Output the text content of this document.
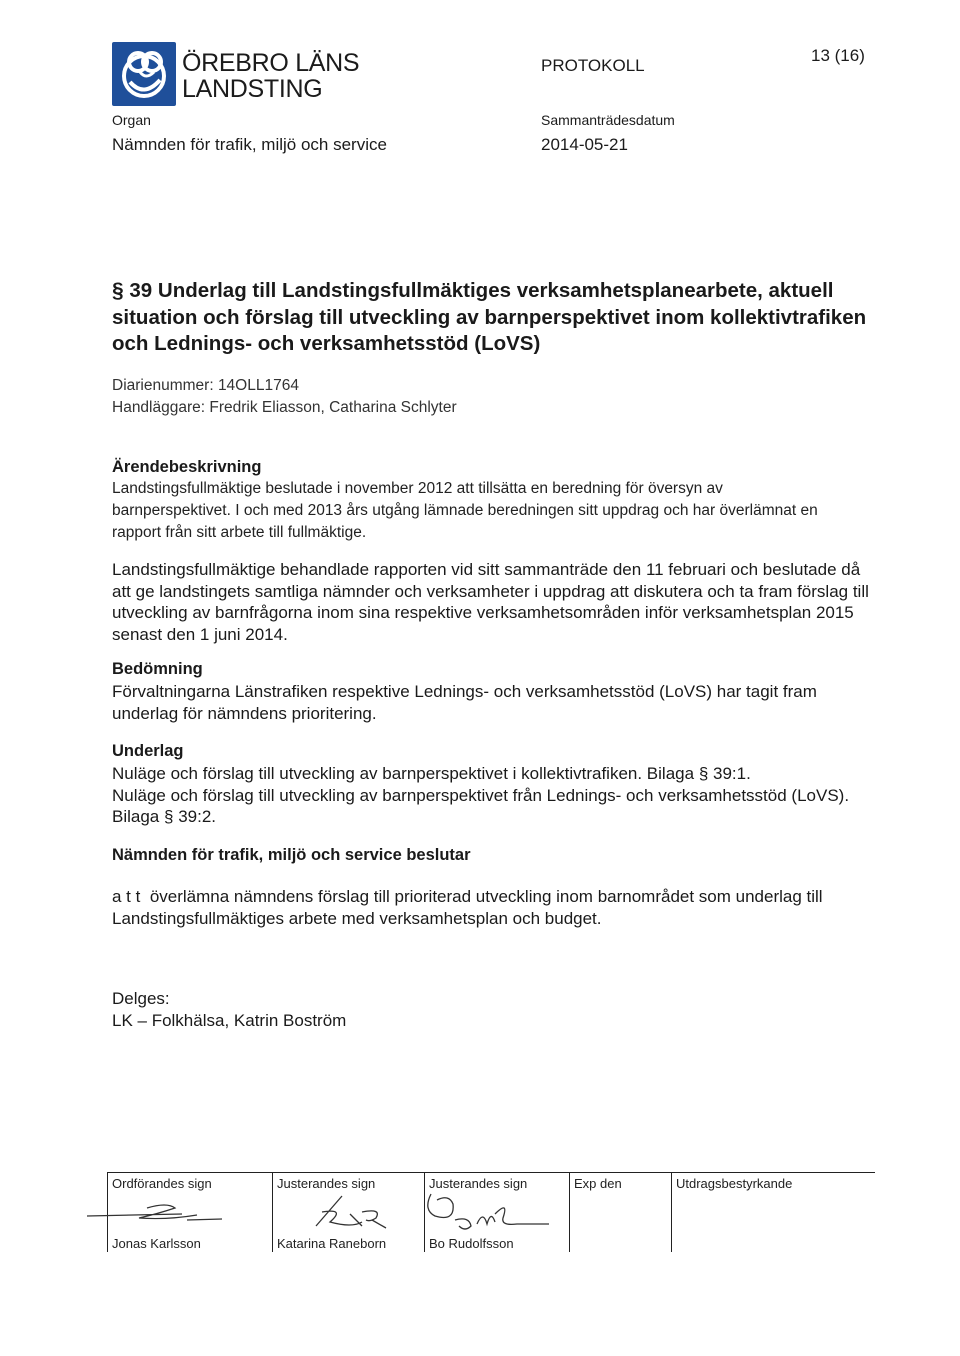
ÖREBRO LÄNS
LANDSTING
PROTOKOLL
13 (16)
Organ
Nämnden för trafik, miljö och service
Sammanträdesdatum
2014-05-21
§ 39 Underlag till Landstingsfullmäktiges verksamhetsplanearbete, aktuell situation och förslag till utveckling av barnperspektivet inom kollektivtrafiken och Lednings- och verksamhetsstöd (LoVS)
Diarienummer: 14OLL1764
Handläggare: Fredrik Eliasson, Catharina Schlyter
Ärendebeskrivning

Landstingsfullmäktige beslutade i november 2012 att tillsätta en beredning för översyn av barnperspektivet. I och med 2013 års utgång lämnade beredningen sitt uppdrag och har överlämnat en rapport från sitt arbete till fullmäktige.

Landstingsfullmäktige behandlade rapporten vid sitt sammanträde den 11 februari och beslutade då att ge landstingets samtliga nämnder och verksamheter i uppdrag att diskutera och ta fram förslag till utveckling av barnfrågorna inom sina respektive verksamhetsområden inför verksamhetsplan 2015 senast den 1 juni 2014.

Bedömning

Förvaltningarna Länstrafiken respektive Lednings- och verksamhetsstöd (LoVS) har tagit fram underlag för nämndens prioritering.

Underlag

Nuläge och förslag till utveckling av barnperspektivet i kollektivtrafiken. Bilaga § 39:1.

Nuläge och förslag till utveckling av barnperspektivet från Lednings- och verksamhetsstöd (LoVS). Bilaga § 39:2.

Nämnden för trafik, miljö och service beslutar

a t t överlämna nämndens förslag till prioriterad utveckling inom barnområdet som underlag till Landstingsfullmäktiges arbete med verksamhetsplan och budget.

Delges:

LK – Folkhälsa, Katrin Boström

Ordförandes sign
Jonas Karlsson
Justerandes sign
Katarina Raneborn
Justerandes sign
Bo Rudolfsson
Exp den	Utdragsbestyrkande
